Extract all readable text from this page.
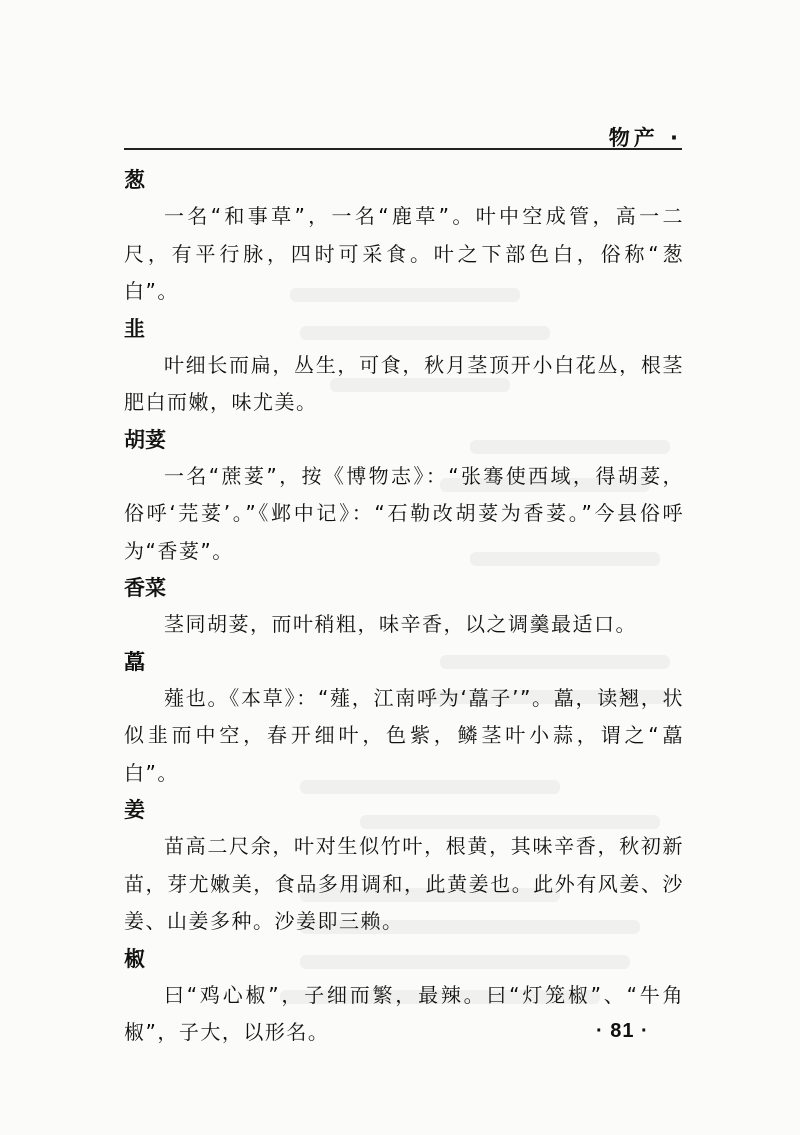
物产 ·
葱

一名“和事草”，一名“鹿草”。叶中空成管，高一二尺，有平行脉，四时可采食。叶之下部色白，俗称“葱白”。

韭

叶细长而扁，丛生，可食，秋月茎顶开小白花丛，根茎肥白而嫩，味尤美。

胡荽

一名“蔗荽”，按《博物志》：“张骞使西域，得胡荽，俗呼‘芫荽’。”《邺中记》：“石勒改胡荽为香荽。”今县俗呼为“香荽”。

香菜

茎同胡荽，而叶稍粗，味辛香，以之调羹最适口。

藠

薤也。《本草》：“薤，江南呼为‘藠子’”。藠，读翘，状似韭而中空，春开细叶，色紫，鳞茎叶小蒜，谓之“藠白”。

姜

苗高二尺余，叶对生似竹叶，根黄，其味辛香，秋初新苗，芽尤嫩美，食品多用调和，此黄姜也。此外有风姜、沙姜、山姜多种。沙姜即三赖。

椒

曰“鸡心椒”，子细而繁，最辣。曰“灯笼椒”、“牛角椒”，子大，以形名。	· 81 ·
